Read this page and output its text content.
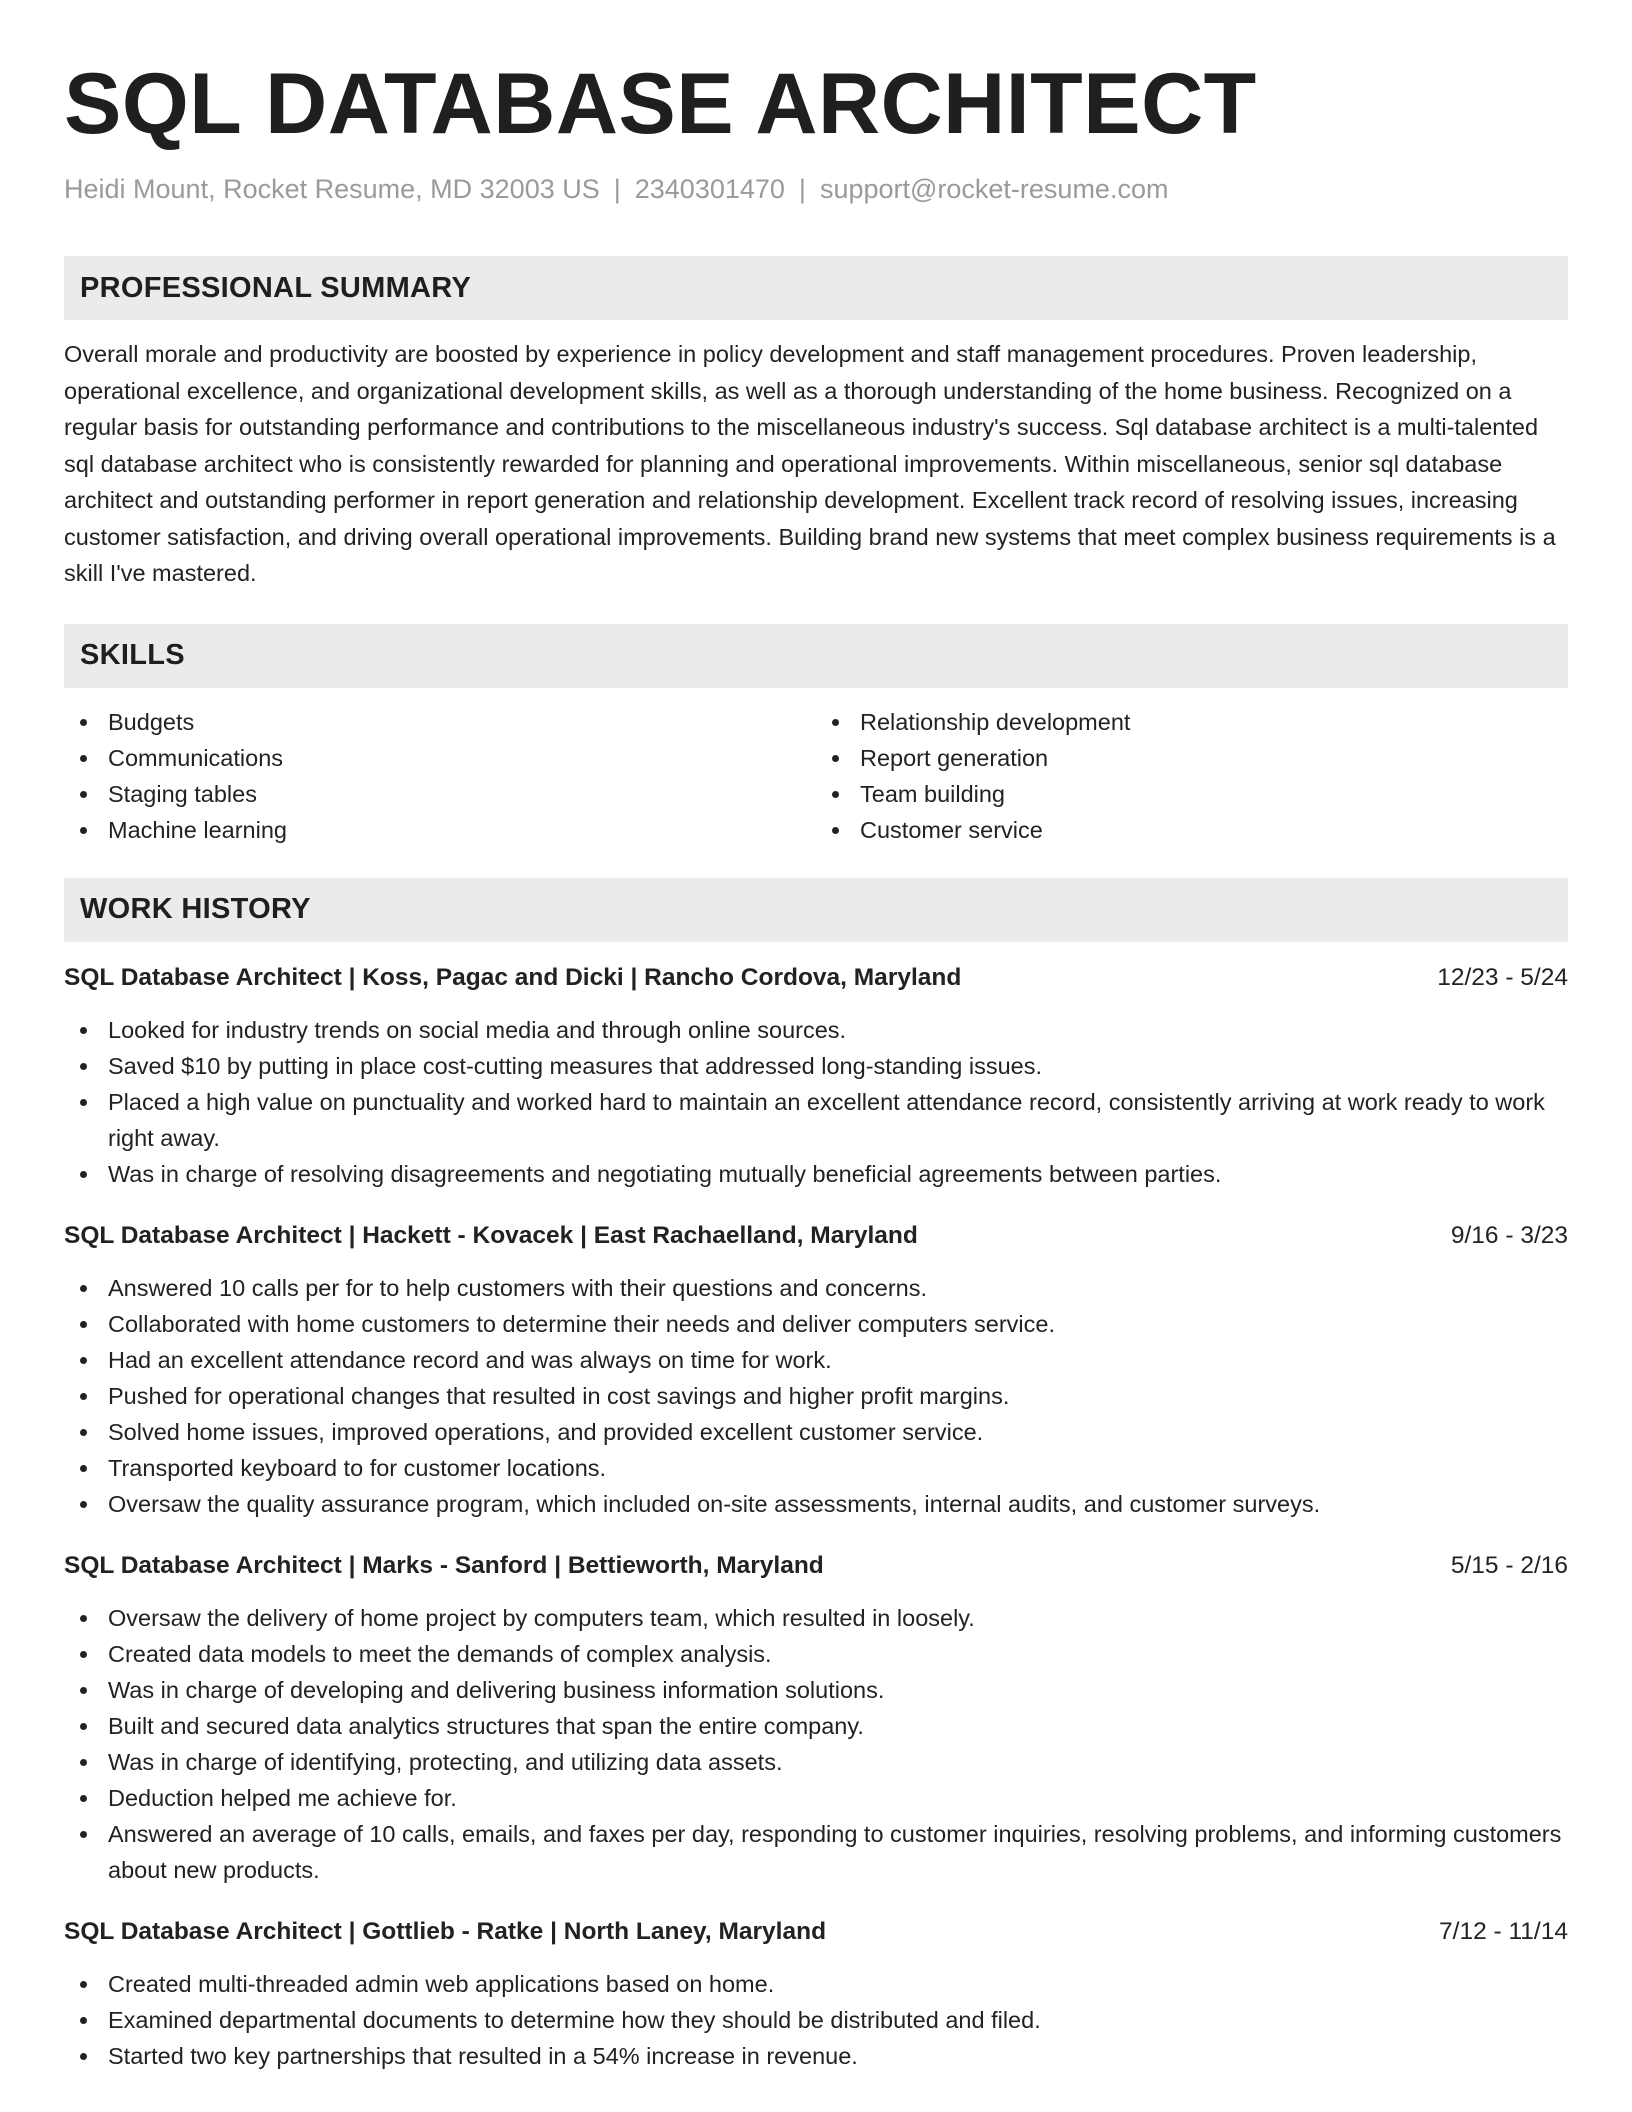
SQL DATABASE ARCHITECT
Heidi Mount, Rocket Resume, MD 32003 US | 2340301470 | support@rocket-resume.com
PROFESSIONAL SUMMARY
Overall morale and productivity are boosted by experience in policy development and staff management procedures. Proven leadership, operational excellence, and organizational development skills, as well as a thorough understanding of the home business. Recognized on a regular basis for outstanding performance and contributions to the miscellaneous industry's success. Sql database architect is a multi-talented sql database architect who is consistently rewarded for planning and operational improvements. Within miscellaneous, senior sql database architect and outstanding performer in report generation and relationship development. Excellent track record of resolving issues, increasing customer satisfaction, and driving overall operational improvements. Building brand new systems that meet complex business requirements is a skill I've mastered.
SKILLS
Budgets
Communications
Staging tables
Machine learning
Relationship development
Report generation
Team building
Customer service
WORK HISTORY
SQL Database Architect | Koss, Pagac and Dicki | Rancho Cordova, Maryland	12/23 - 5/24
Looked for industry trends on social media and through online sources.
Saved $10 by putting in place cost-cutting measures that addressed long-standing issues.
Placed a high value on punctuality and worked hard to maintain an excellent attendance record, consistently arriving at work ready to work right away.
Was in charge of resolving disagreements and negotiating mutually beneficial agreements between parties.
SQL Database Architect | Hackett - Kovacek | East Rachaelland, Maryland	9/16 - 3/23
Answered 10 calls per for to help customers with their questions and concerns.
Collaborated with home customers to determine their needs and deliver computers service.
Had an excellent attendance record and was always on time for work.
Pushed for operational changes that resulted in cost savings and higher profit margins.
Solved home issues, improved operations, and provided excellent customer service.
Transported keyboard to for customer locations.
Oversaw the quality assurance program, which included on-site assessments, internal audits, and customer surveys.
SQL Database Architect | Marks - Sanford | Bettieworth, Maryland	5/15 - 2/16
Oversaw the delivery of home project by computers team, which resulted in loosely.
Created data models to meet the demands of complex analysis.
Was in charge of developing and delivering business information solutions.
Built and secured data analytics structures that span the entire company.
Was in charge of identifying, protecting, and utilizing data assets.
Deduction helped me achieve for.
Answered an average of 10 calls, emails, and faxes per day, responding to customer inquiries, resolving problems, and informing customers about new products.
SQL Database Architect | Gottlieb - Ratke | North Laney, Maryland	7/12 - 11/14
Created multi-threaded admin web applications based on home.
Examined departmental documents to determine how they should be distributed and filed.
Started two key partnerships that resulted in a 54% increase in revenue.
